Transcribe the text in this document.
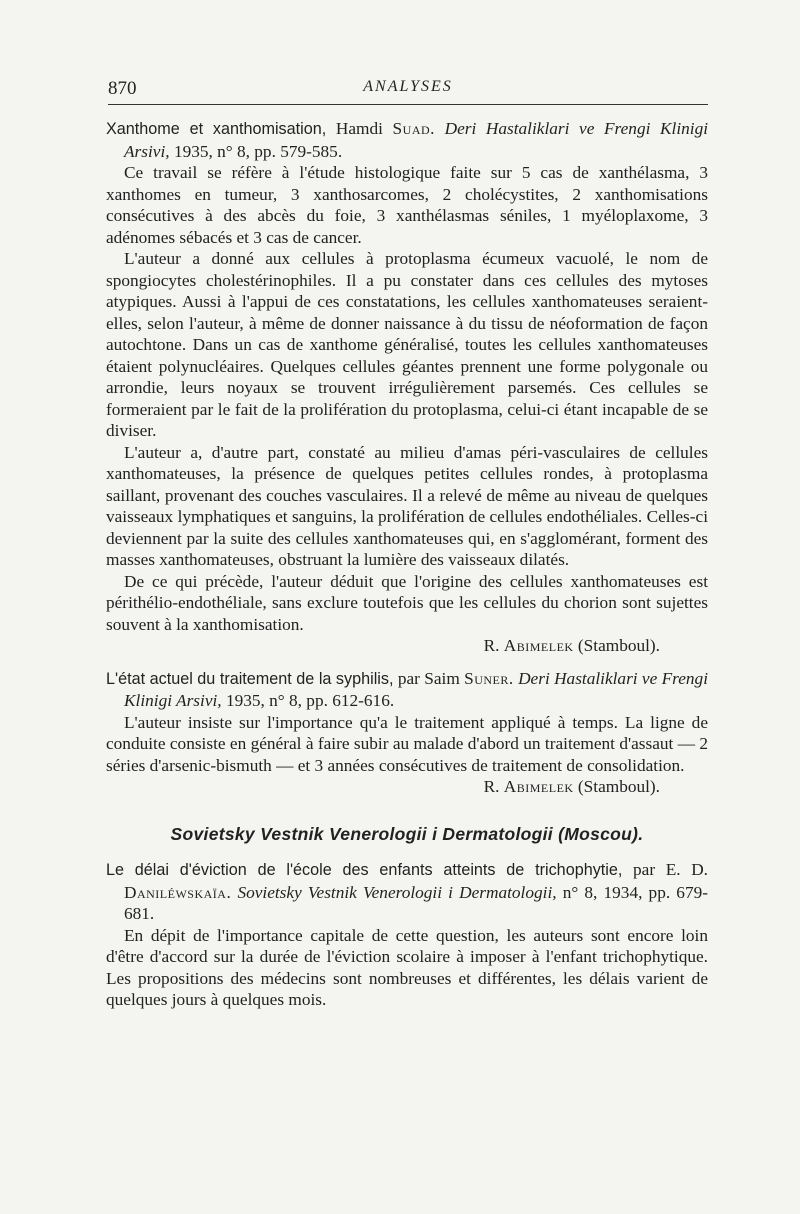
870	ANALYSES

Xanthome et xanthomisation, Hamdi Suad. Deri Hastaliklari ve Frengi Klinigi Arsivi, 1935, n° 8, pp. 579-585.

Ce travail se réfère à l'étude histologique faite sur 5 cas de xanthélasma, 3 xanthomes en tumeur, 3 xanthosarcomes, 2 cholécystites, 2 xanthomisations consécutives à des abcès du foie, 3 xanthélasmas séniles, 1 myéloplaxome, 3 adénomes sébacés et 3 cas de cancer.

L'auteur a donné aux cellules à protoplasma écumeux vacuolé, le nom de spongiocytes cholestérinophiles. Il a pu constater dans ces cellules des mytoses atypiques. Aussi à l'appui de ces constatations, les cellules xanthomateuses seraient-elles, selon l'auteur, à même de donner naissance à du tissu de néoformation de façon autochtone. Dans un cas de xanthome généralisé, toutes les cellules xanthomateuses étaient polynucléaires. Quelques cellules géantes prennent une forme polygonale ou arrondie, leurs noyaux se trouvent irrégulièrement parsemés. Ces cellules se formeraient par le fait de la prolifération du protoplasma, celui-ci étant incapable de se diviser.

L'auteur a, d'autre part, constaté au milieu d'amas péri-vasculaires de cellules xanthomateuses, la présence de quelques petites cellules rondes, à protoplasma saillant, provenant des couches vasculaires. Il a relevé de même au niveau de quelques vaisseaux lymphatiques et sanguins, la prolifération de cellules endothéliales. Celles-ci deviennent par la suite des cellules xanthomateuses qui, en s'agglomérant, forment des masses xanthomateuses, obstruant la lumière des vaisseaux dilatés.

De ce qui précède, l'auteur déduit que l'origine des cellules xanthomateuses est périthélio-endothéliale, sans exclure toutefois que les cellules du chorion sont sujettes souvent à la xanthomisation.

R. Abimelek (Stamboul).

L'état actuel du traitement de la syphilis, par Saim Suner. Deri Hastaliklari ve Frengi Klinigi Arsivi, 1935, n° 8, pp. 612-616.

L'auteur insiste sur l'importance qu'a le traitement appliqué à temps. La ligne de conduite consiste en général à faire subir au malade d'abord un traitement d'assaut — 2 séries d'arsenic-bismuth — et 3 années consécutives de traitement de consolidation.

R. Abimelek (Stamboul).

Sovietsky Vestnik Venerologii i Dermatologii (Moscou).

Le délai d'éviction de l'école des enfants atteints de trichophytie, par E. D. Daniléwskaïa. Sovietsky Vestnik Venerologii i Dermatologii, n° 8, 1934, pp. 679-681.

En dépit de l'importance capitale de cette question, les auteurs sont encore loin d'être d'accord sur la durée de l'éviction scolaire à imposer à l'enfant trichophytique. Les propositions des médecins sont nombreuses et différentes, les délais varient de quelques jours à quelques mois.
